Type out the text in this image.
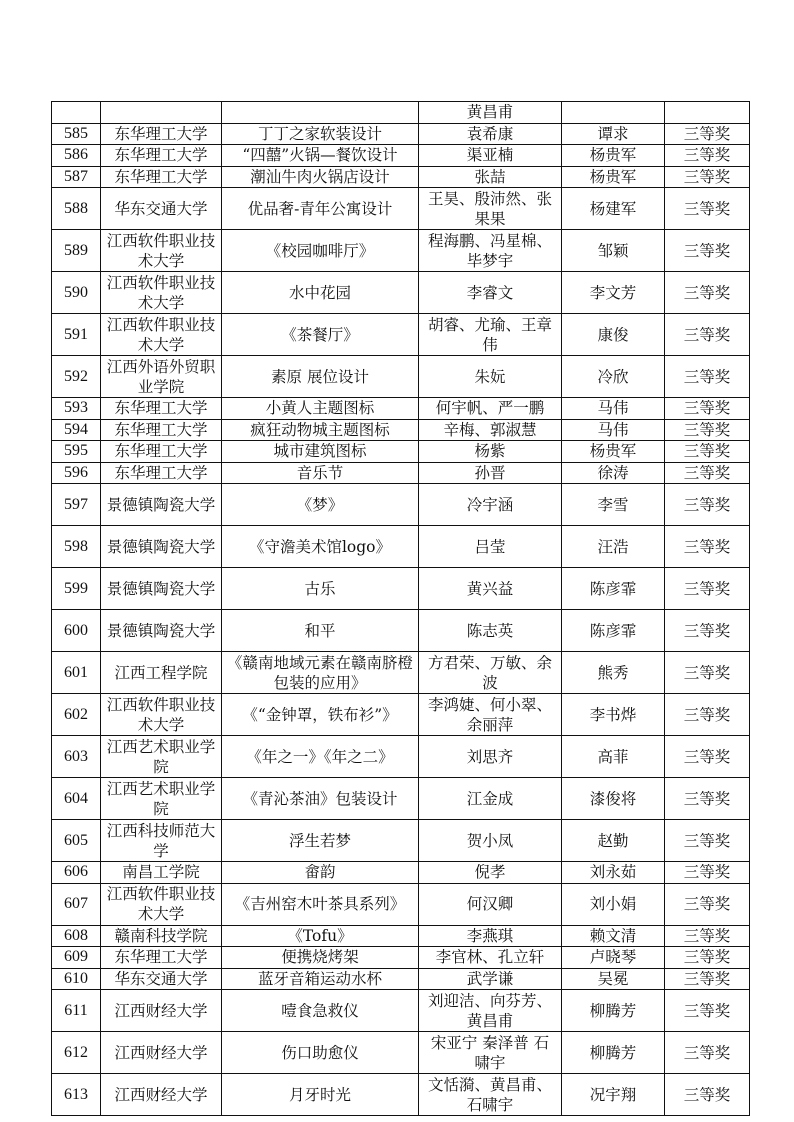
			黄昌甫		
585	东华理工大学	丁丁之家软装设计	袁希康	谭求	三等奖
586	东华理工大学	“四囍”火锅—餐饮设计	渠亚楠	杨贵军	三等奖
587	东华理工大学	潮汕牛肉火锅店设计	张喆	杨贵军	三等奖
588	华东交通大学	优品奢-青年公寓设计	王昊、殷沛然、张果果	杨建军	三等奖
589	江西软件职业技术大学	《校园咖啡厅》	程海鹏、冯星棉、毕梦宇	邹颖	三等奖
590	江西软件职业技术大学	水中花园	李睿文	李文芳	三等奖
591	江西软件职业技术大学	《茶餐厅》	胡睿、尤瑜、王章伟	康俊	三等奖
592	江西外语外贸职业学院	素原 展位设计	朱妧	冷欣	三等奖
593	东华理工大学	小黄人主题图标	何宇帆、严一鹏	马伟	三等奖
594	东华理工大学	疯狂动物城主题图标	辛梅、郭淑慧	马伟	三等奖
595	东华理工大学	城市建筑图标	杨紫	杨贵军	三等奖
596	东华理工大学	音乐节	孙晋	徐涛	三等奖
597	景德镇陶瓷大学	《梦》	冷宇涵	李雪	三等奖
598	景德镇陶瓷大学	《守澹美术馆logo》	吕莹	汪浩	三等奖
599	景德镇陶瓷大学	古乐	黄兴益	陈彦霏	三等奖
600	景德镇陶瓷大学	和平	陈志英	陈彦霏	三等奖
601	江西工程学院	《赣南地域元素在赣南脐橙包装的应用》	方君荣、万敏、余波	熊秀	三等奖
602	江西软件职业技术大学	《“金钟罩，铁布衫”》	李鸿婕、何小翠、余丽萍	李书烨	三等奖
603	江西艺术职业学院	《年之一》《年之二》	刘思齐	高菲	三等奖
604	江西艺术职业学院	《青沁茶油》包装设计	江金成	漆俊将	三等奖
605	江西科技师范大学	浮生若梦	贺小凤	赵勤	三等奖
606	南昌工学院	畲韵	倪孝	刘永茹	三等奖
607	江西软件职业技术大学	《吉州窑木叶茶具系列》	何汉卿	刘小娟	三等奖
608	赣南科技学院	《Tofu》	李燕琪	赖文清	三等奖
609	东华理工大学	便携烧烤架	李官林、孔立轩	卢晓琴	三等奖
610	华东交通大学	蓝牙音箱运动水杯	武学谦	吴冕	三等奖
611	江西财经大学	噎食急救仪	刘迎洁、向芬芳、黄昌甫	柳腾芳	三等奖
612	江西财经大学	伤口助愈仪	宋亚宁 秦泽普 石啸宇	柳腾芳	三等奖
613	江西财经大学	月牙时光	文恬漪、黄昌甫、石啸宇	况宇翔	三等奖
